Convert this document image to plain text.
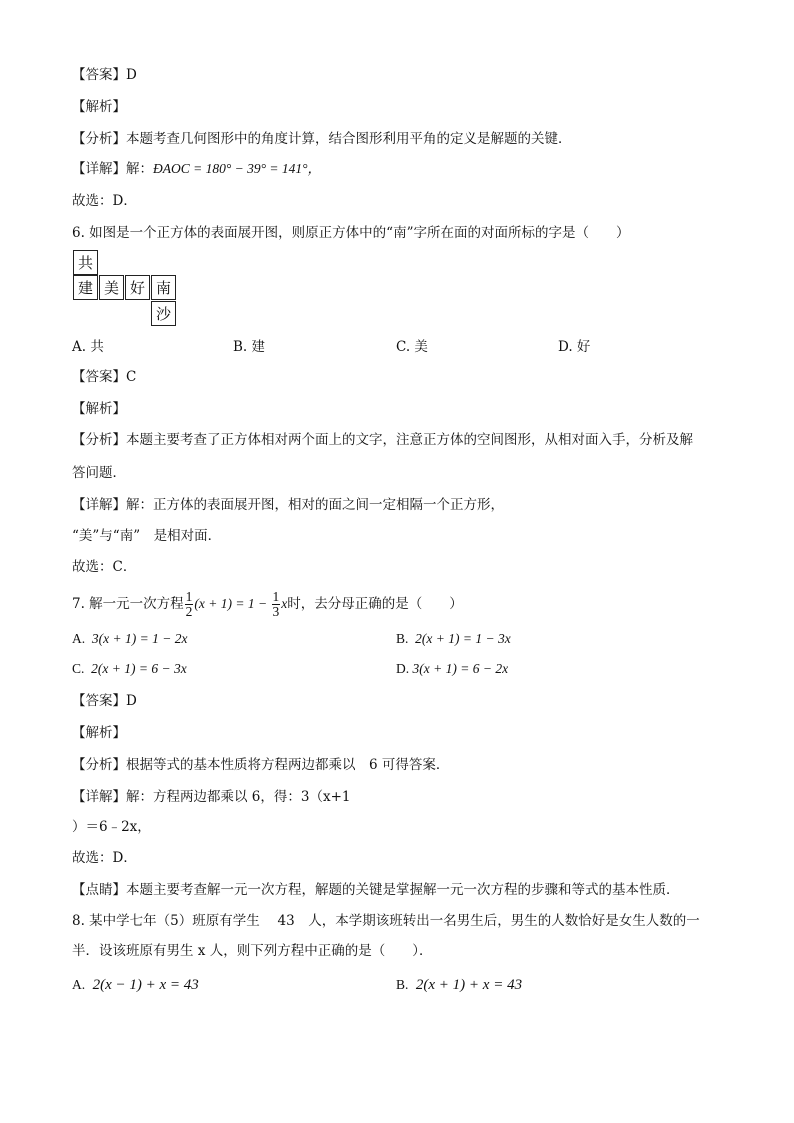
【答案】D
【解析】
【分析】本题考查几何图形中的角度计算，结合图形利用平角的定义是解题的关键．
【详解】解：ÐAOC = 180° − 39° = 141°，
故选：D．
6. 如图是一个正方体的表面展开图，则原正方体中的“南”字所在面的对面所标的字是（　　）
共
建 美 好 南
沙
A. 共	B. 建	C. 美	D. 好
【答案】C
【解析】
【分析】本题主要考查了正方体相对两个面上的文字，注意正方体的空间图形，从相对面入手，分析及解
答问题．
【详解】解：正方体的表面展开图，相对的面之间一定相隔一个正方形，
“美”与“南”　是相对面．
故选：C．
7. 解一元一次方程 $\frac{1}{2} (x + 1) = 1 - \frac{1}{3}$ x时，去分母正确的是（　　）
A. 3(x + 1) = 1 − 2x	B. 2(x + 1) = 1 − 3x
C. 2(x + 1) = 6 − 3x	D. 3(x + 1) = 6 − 2x
【答案】D
【解析】
【分析】根据等式的基本性质将方程两边都乘以　6 可得答案．
【详解】解：方程两边都乘以 6，得：3（x+1
）＝6﹣2x，
故选：D．
【点睛】本题主要考查解一元一次方程，解题的关键是掌握解一元一次方程的步骤和等式的基本性质．
8. 某中学七年（5）班原有学生　 43　人，本学期该班转出一名男生后，男生的人数恰好是女生人数的一
半．设该班原有男生 x 人，则下列方程中正确的是（　　）．
A. 2(x − 1) + x = 43	B. 2(x + 1) + x = 43
